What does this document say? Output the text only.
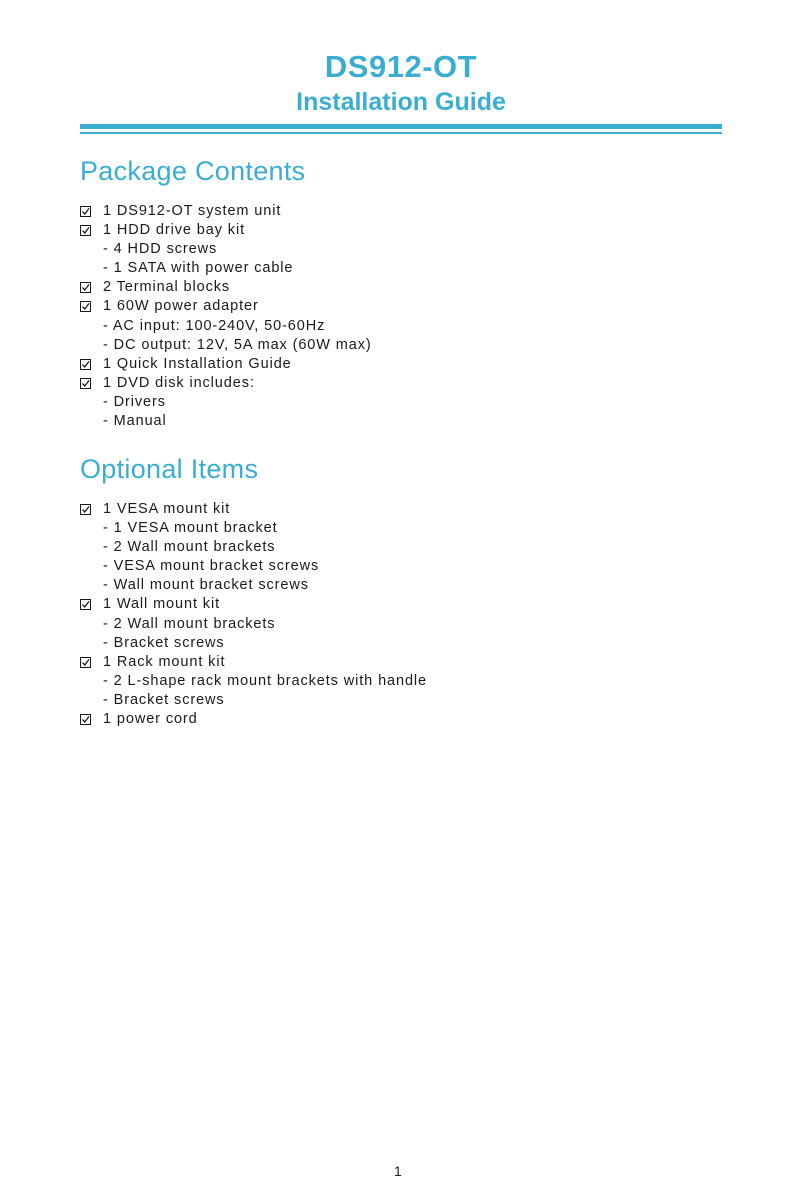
DS912-OT
Installation Guide
Package Contents
1 DS912-OT system unit
1 HDD drive bay kit
- 4 HDD screws
- 1 SATA with power cable
2 Terminal blocks
1 60W power adapter
- AC input: 100-240V, 50-60Hz
- DC output: 12V, 5A max (60W max)
1 Quick Installation Guide
1 DVD disk includes:
- Drivers
- Manual
Optional Items
1 VESA mount kit
- 1 VESA mount bracket
- 2 Wall mount brackets
- VESA mount bracket screws
- Wall mount bracket screws
1 Wall mount kit
- 2 Wall mount brackets
- Bracket screws
1 Rack mount kit
- 2 L-shape rack mount brackets with handle
- Bracket screws
1 power cord
1
